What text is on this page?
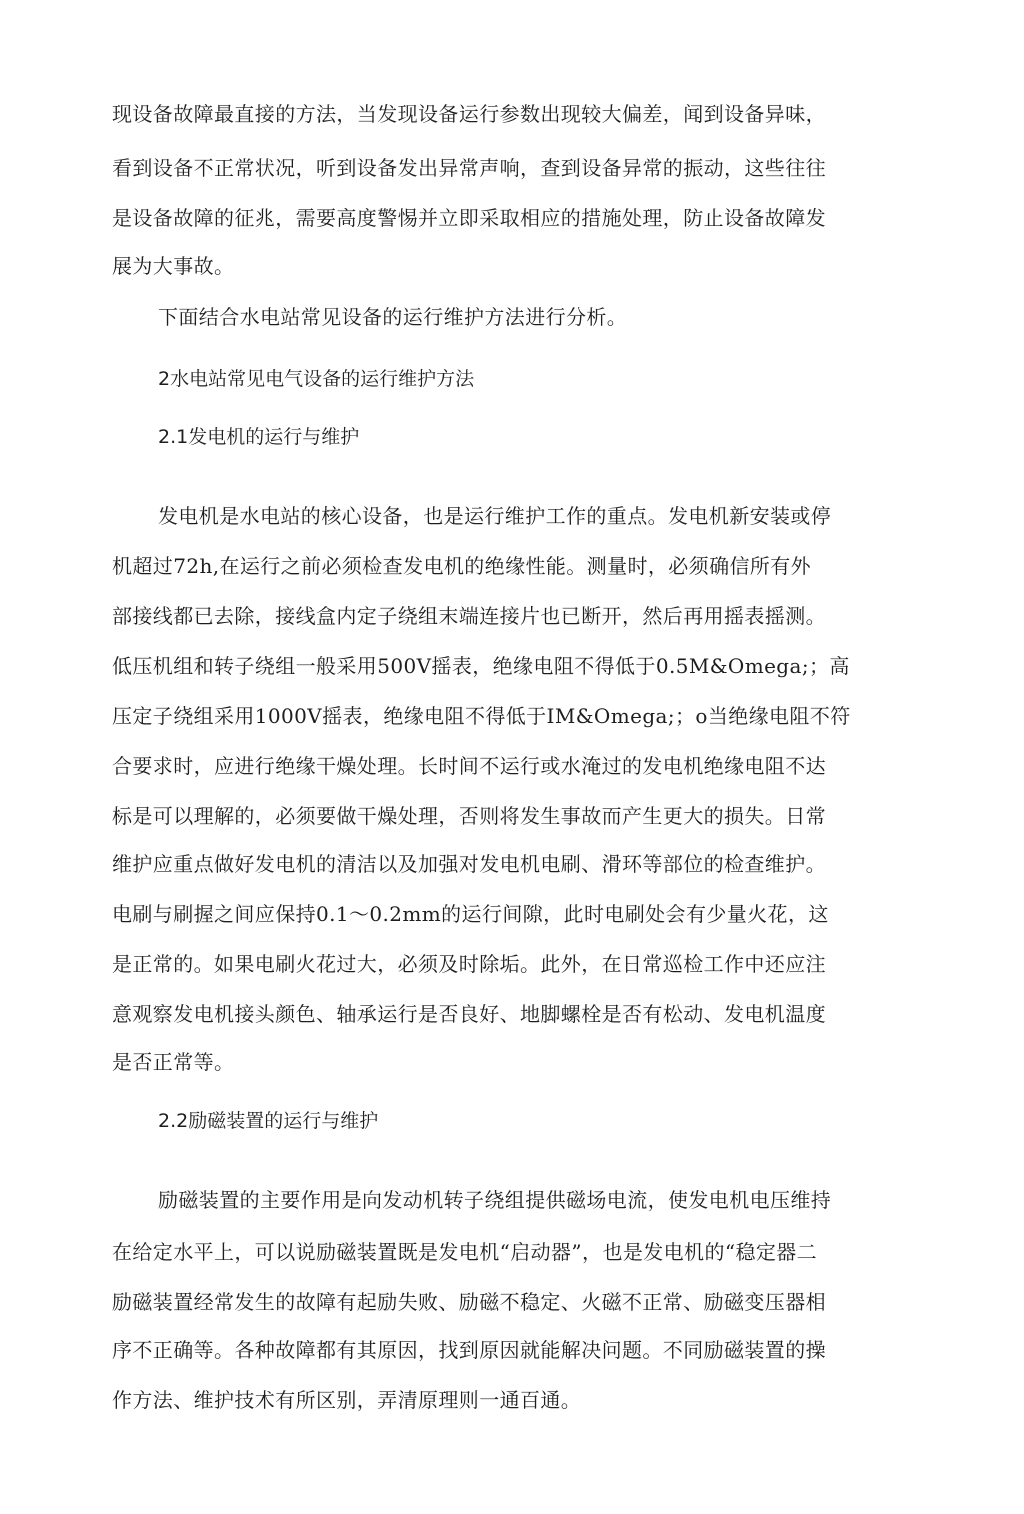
现设备故障最直接的方法，当发现设备运行参数出现较大偏差，闻到设备异味，

看到设备不正常状况，听到设备发出异常声响，查到设备异常的振动，这些往往

是设备故障的征兆，需要高度警惕并立即采取相应的措施处理，防止设备故障发

展为大事故。

下面结合水电站常见设备的运行维护方法进行分析。

2水电站常见电气设备的运行维护方法

2.1发电机的运行与维护

发电机是水电站的核心设备，也是运行维护工作的重点。发电机新安装或停

机超过72h,在运行之前必须检查发电机的绝缘性能。测量时，必须确信所有外

部接线都已去除，接线盒内定子绕组末端连接片也已断开，然后再用摇表摇测。

低压机组和转子绕组一般采用500V摇表，绝缘电阻不得低于0.5M&Omega;；高

压定子绕组采用1000V摇表，绝缘电阻不得低于IM&Omega;；o当绝缘电阻不符

合要求时，应进行绝缘干燥处理。长时间不运行或水淹过的发电机绝缘电阻不达

标是可以理解的，必须要做干燥处理，否则将发生事故而产生更大的损失。日常

维护应重点做好发电机的清洁以及加强对发电机电刷、滑环等部位的检查维护。

电刷与刷握之间应保持0.1～0.2mm的运行间隙，此时电刷处会有少量火花，这

是正常的。如果电刷火花过大，必须及时除垢。此外，在日常巡检工作中还应注

意观察发电机接头颜色、轴承运行是否良好、地脚螺栓是否有松动、发电机温度

是否正常等。

2.2励磁装置的运行与维护

励磁装置的主要作用是向发动机转子绕组提供磁场电流，使发电机电压维持

在给定水平上，可以说励磁装置既是发电机“启动器”，也是发电机的“稳定器二

励磁装置经常发生的故障有起励失败、励磁不稳定、火磁不正常、励磁变压器相

序不正确等。各种故障都有其原因，找到原因就能解决问题。不同励磁装置的操

作方法、维护技术有所区别，弄清原理则一通百通。
